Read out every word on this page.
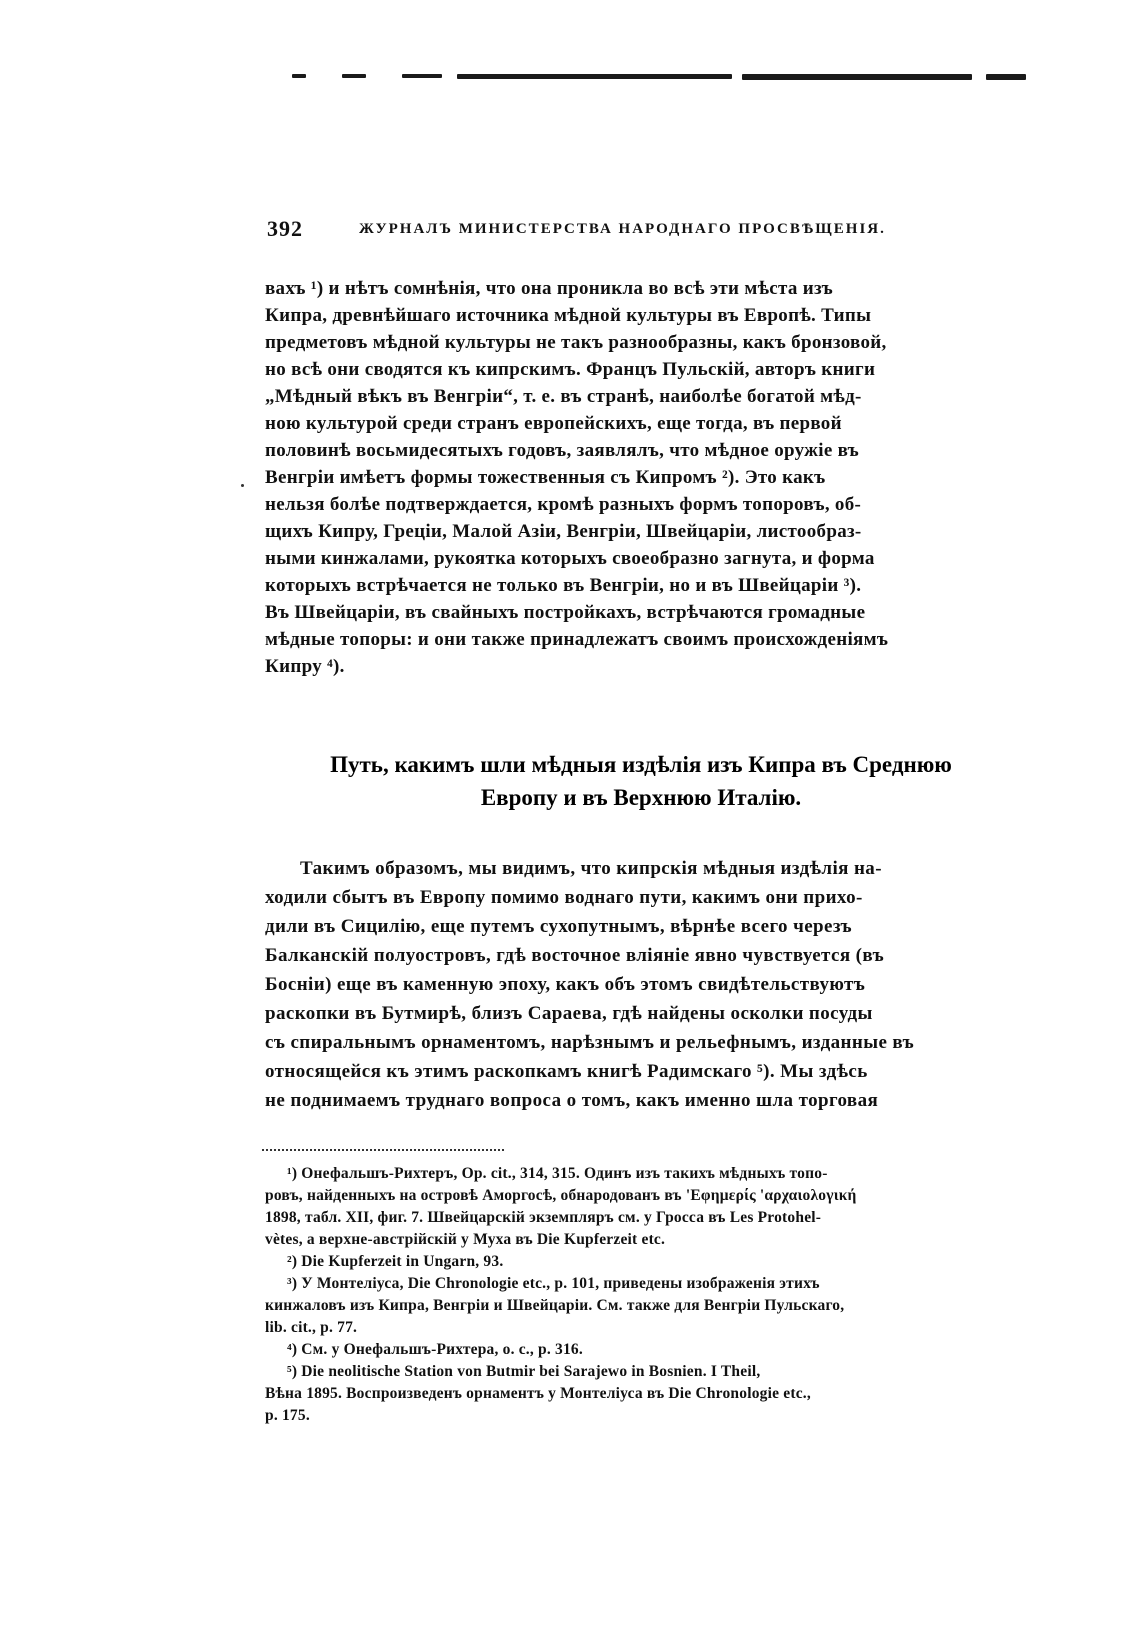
392	ЖУРНАЛЪ МИНИСТЕРСТВА НАРОДНАГО ПРОСВѢЩЕНІЯ.
вахъ ¹) и нѣтъ сомнѣнія, что она проникла во всѣ эти мѣста изъ
Кипра, древнѣйшаго источника мѣдной культуры въ Европѣ. Типы
предметовъ мѣдной культуры не такъ разнообразны, какъ бронзовой,
но всѣ они сводятся къ кипрскимъ. Францъ Пульскій, авторъ книги
„Мѣдный вѣкъ въ Венгріи“, т. е. въ странѣ, наиболѣе богатой мѣд-
ною культурой среди странъ европейскихъ, еще тогда, въ первой
половинѣ восьмидесятыхъ годовъ, заявлялъ, что мѣдное оружіе въ
Венгріи имѣетъ формы тожественныя съ Кипромъ ²). Это какъ
нельзя болѣе подтверждается, кромѣ разныхъ формъ топоровъ, об-
щихъ Кипру, Греціи, Малой Азіи, Венгріи, Швейцаріи, листообраз-
ными кинжалами, рукоятка которыхъ своеобразно загнута, и форма
которыхъ встрѣчается не только въ Венгріи, но и въ Швейцаріи ³).
Въ Швейцаріи, въ свайныхъ постройкахъ, встрѣчаются громадные
мѣдные топоры: и они также принадлежатъ своимъ происхожденіямъ
Кипру ⁴).
Путь, какимъ шли мѣдныя издѣлія изъ Кипра въ Среднюю
Европу и въ Верхнюю Италію.
Такимъ образомъ, мы видимъ, что кипрскія мѣдныя издѣлія на-
ходили сбытъ въ Европу помимо воднаго пути, какимъ они прихо-
дили въ Сицилію, еще путемъ сухопутнымъ, вѣрнѣе всего черезъ
Балканскій полуостровъ, гдѣ восточное вліяніе явно чувствуется (въ
Босніи) еще въ каменную эпоху, какъ объ этомъ свидѣтельствуютъ
раскопки въ Бутмирѣ, близъ Сараева, гдѣ найдены осколки посуды
съ спиральнымъ орнаментомъ, нарѣзнымъ и рельефнымъ, изданные въ
относящейся къ этимъ раскопкамъ книгѣ Радимскаго ⁵). Мы здѣсь
не поднимаемъ труднаго вопроса о томъ, какъ именно шла торговая
¹) Онефальшъ-Рихтеръ, Op. cit., 314, 315. Одинъ изъ такихъ мѣдныхъ топо-
ровъ, найденныхъ на островѣ Аморгосѣ, обнародованъ въ 'Εφημερίς 'αρχαιολογική
1898, табл. XII, фиг. 7. Швейцарскій экземпляръ см. у Гросса въ Les Protohel-
vètes, а верхне-австрійскій у Муха въ Die Kupferzeit etc.
²) Die Kupferzeit in Ungarn, 93.
³) У Монтеліуса, Die Chronologie etc., p. 101, приведены изображенія этихъ
кинжаловъ изъ Кипра, Венгріи и Швейцаріи. См. также для Венгріи Пульскаго,
lib. cit., p. 77.
⁴) См. у Онефальшъ-Рихтера, o. c., p. 316.
⁵) Die neolitische Station von Butmir bei Sarajewo in Bosnien. I Theil,
Вѣна 1895. Воспроизведенъ орнаментъ у Монтеліуса въ Die Chronologie etc.,
p. 175.
